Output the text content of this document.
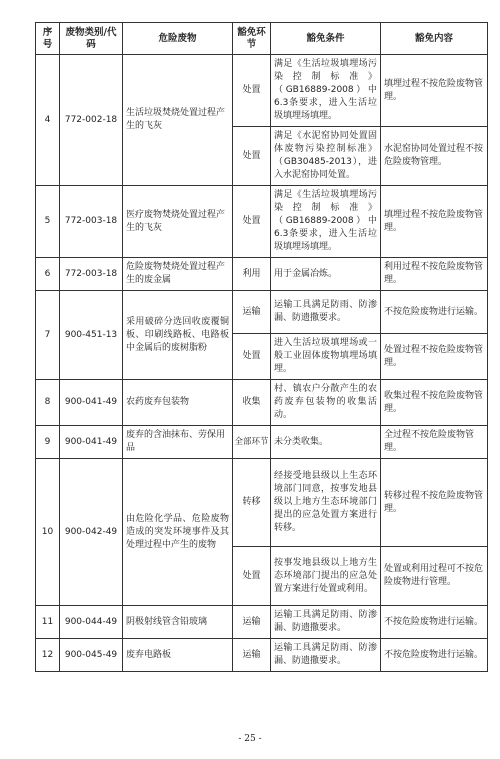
序号	废物类别/代码	危险废物	豁免环节	豁免条件	豁免内容
4	772-002-18	生活垃圾焚烧处置过程产生的飞灰	处置	满足《生活垃圾填埋场污染控制标准》（GB16889-2008）中6.3条要求，进入生活垃圾填埋场填埋。	填埋过程不按危险废物管理。
			处置	满足《水泥窑协同处置固体废物污染控制标准》（GB30485-2013），进入水泥窑协同处置。	水泥窑协同处置过程不按危险废物管理。
5	772-003-18	医疗废物焚烧处置过程产生的飞灰	处置	满足《生活垃圾填埋场污染控制标准》（GB16889-2008）中6.3条要求，进入生活垃圾填埋场填埋。	填埋过程不按危险废物管理。
6	772-003-18	危险废物焚烧处置过程产生的废金属	利用	用于金属冶炼。	利用过程不按危险废物管理。
7	900-451-13	采用破碎分选回收废覆铜板、印刷线路板、电路板中金属后的废树脂粉	运输	运输工具满足防雨、防渗漏、防遗撒要求。	不按危险废物进行运输。
			处置	进入生活垃圾填埋场或一般工业固体废物填埋场填埋。	处置过程不按危险废物管理。
8	900-041-49	农药废弃包装物	收集	村、镇农户分散产生的农药废弃包装物的收集活动。	收集过程不按危险废物管理。
9	900-041-49	废弃的含油抹布、劳保用品	全部环节	未分类收集。	全过程不按危险废物管理。
10	900-042-49	由危险化学品、危险废物造成的突发环境事件及其处理过程中产生的废物	转移	经接受地县级以上生态环境部门同意，按事发地县级以上地方生态环境部门提出的应急处置方案进行转移。	转移过程不按危险废物管理。
			处置	按事发地县级以上地方生态环境部门提出的应急处置方案进行处置或利用。	处置或利用过程可不按危险废物进行管理。
11	900-044-49	阴极射线管含铅玻璃	运输	运输工具满足防雨、防渗漏、防遗撒要求。	不按危险废物进行运输。
12	900-045-49	废弃电路板	运输	运输工具满足防雨、防渗漏、防遗撒要求。	不按危险废物进行运输。
- 25 -
